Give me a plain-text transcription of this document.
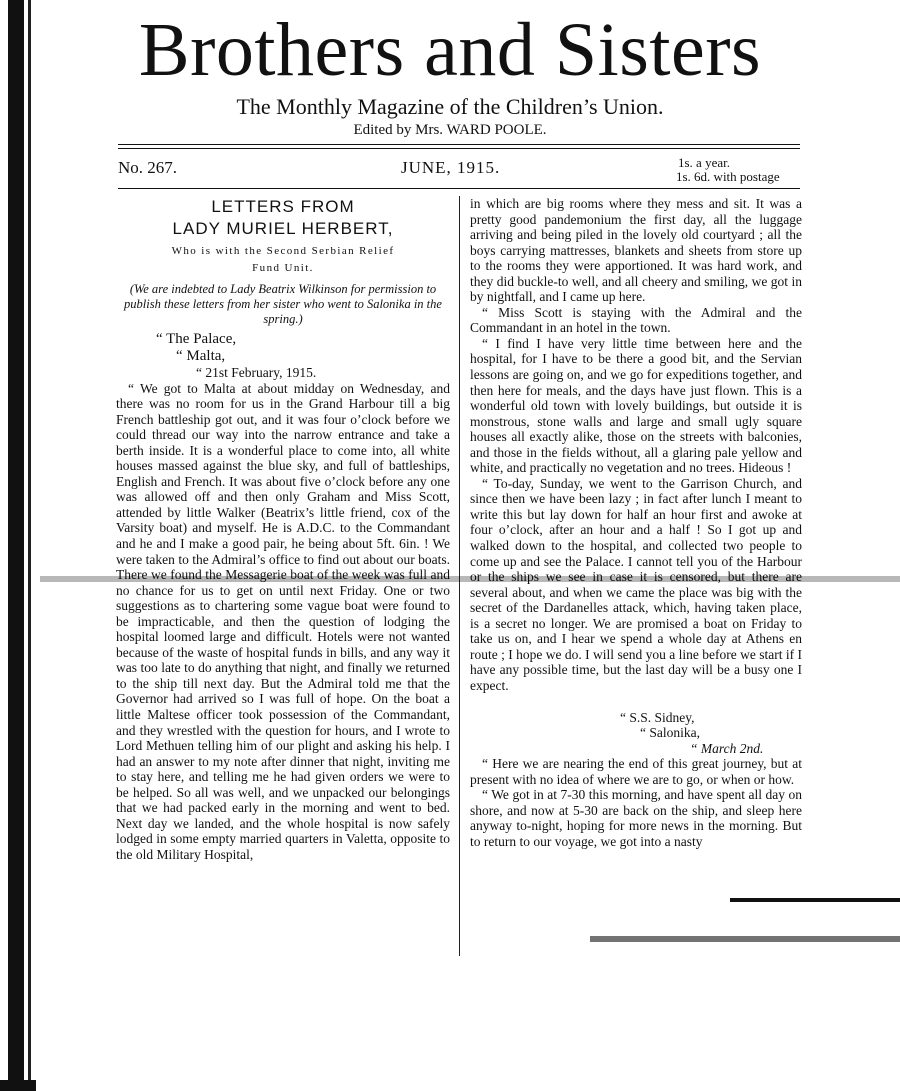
Brothers and Sisters
The Monthly Magazine of the Children’s Union.
Edited by Mrs. WARD POOLE.
No. 267.	JUNE, 1915.	1s. a year.
1s. 6d. with postage
LETTERS FROM
LADY MURIEL HERBERT,
Who is with the Second Serbian Relief
Fund Unit.
(We are indebted to Lady Beatrix Wilkinson for permission to publish these letters from her sister who went to Salonika in the spring.)

“ The Palace,

“ Malta,

“ 21st February, 1915.

“ We got to Malta at about midday on Wednesday, and there was no room for us in the Grand Harbour till a big French battleship got out, and it was four o’clock before we could thread our way into the narrow entrance and take a berth inside. It is a wonderful place to come into, all white houses massed against the blue sky, and full of battleships, English and French. It was about five o’clock before any one was allowed off and then only Graham and Miss Scott, attended by little Walker (Beatrix’s little friend, cox of the Varsity boat) and myself. He is A.D.C. to the Commandant and he and I make a good pair, he being about 5ft. 6in. ! We were taken to the Admiral’s office to find out about our boats. There we found the Messagerie boat of the week was full and no chance for us to get on until next Friday. One or two suggestions as to chartering some vague boat were found to be impracticable, and then the question of lodging the hospital loomed large and difficult. Hotels were not wanted because of the waste of hospital funds in bills, and any way it was too late to do anything that night, and finally we returned to the ship till next day. But the Admiral told me that the Governor had arrived so I was full of hope. On the boat a little Maltese officer took possession of the Commandant, and they wrestled with the question for hours, and I wrote to Lord Methuen telling him of our plight and asking his help. I had an answer to my note after dinner that night, inviting me to stay here, and telling me he had given orders we were to be helped. So all was well, and we unpacked our belongings that we had packed early in the morning and went to bed. Next day we landed, and the whole hospital is now safely lodged in some empty married quarters in Valetta, opposite to the old Military Hospital,

in which are big rooms where they mess and sit. It was a pretty good pandemonium the first day, all the luggage arriving and being piled in the lovely old courtyard ; all the boys carrying mattresses, blankets and sheets from store up to the rooms they were apportioned. It was hard work, and they did buckle-to well, and all cheery and smiling, we got in by nightfall, and I came up here.

“ Miss Scott is staying with the Admiral and the Commandant in an hotel in the town.

“ I find I have very little time between here and the hospital, for I have to be there a good bit, and the Servian lessons are going on, and we go for expeditions together, and then here for meals, and the days have just flown. This is a wonderful old town with lovely buildings, but outside it is monstrous, stone walls and large and small ugly square houses all exactly alike, those on the streets with balconies, and those in the fields without, all a glaring pale yellow and white, and practically no vegetation and no trees. Hideous !

“ To-day, Sunday, we went to the Garrison Church, and since then we have been lazy ; in fact after lunch I meant to write this but lay down for half an hour first and awoke at four o’clock, after an hour and a half ! So I got up and walked down to the hospital, and collected two people to come up and see the Palace. I cannot tell you of the Harbour or the ships we see in case it is censored, but there are several about, and when we came the place was big with the secret of the Dardanelles attack, which, having taken place, is a secret no longer. We are promised a boat on Friday to take us on, and I hear we spend a whole day at Athens en route ; I hope we do. I will send you a line before we start if I have any possible time, but the last day will be a busy one I expect.

“ S.S. Sidney,

“ Salonika,

“ March 2nd.

“ Here we are nearing the end of this great journey, but at present with no idea of where we are to go, or when or how.

“ We got in at 7-30 this morning, and have spent all day on shore, and now at 5-30 are back on the ship, and sleep here anyway to-night, hoping for more news in the morning. But to return to our voyage, we got into a nasty
